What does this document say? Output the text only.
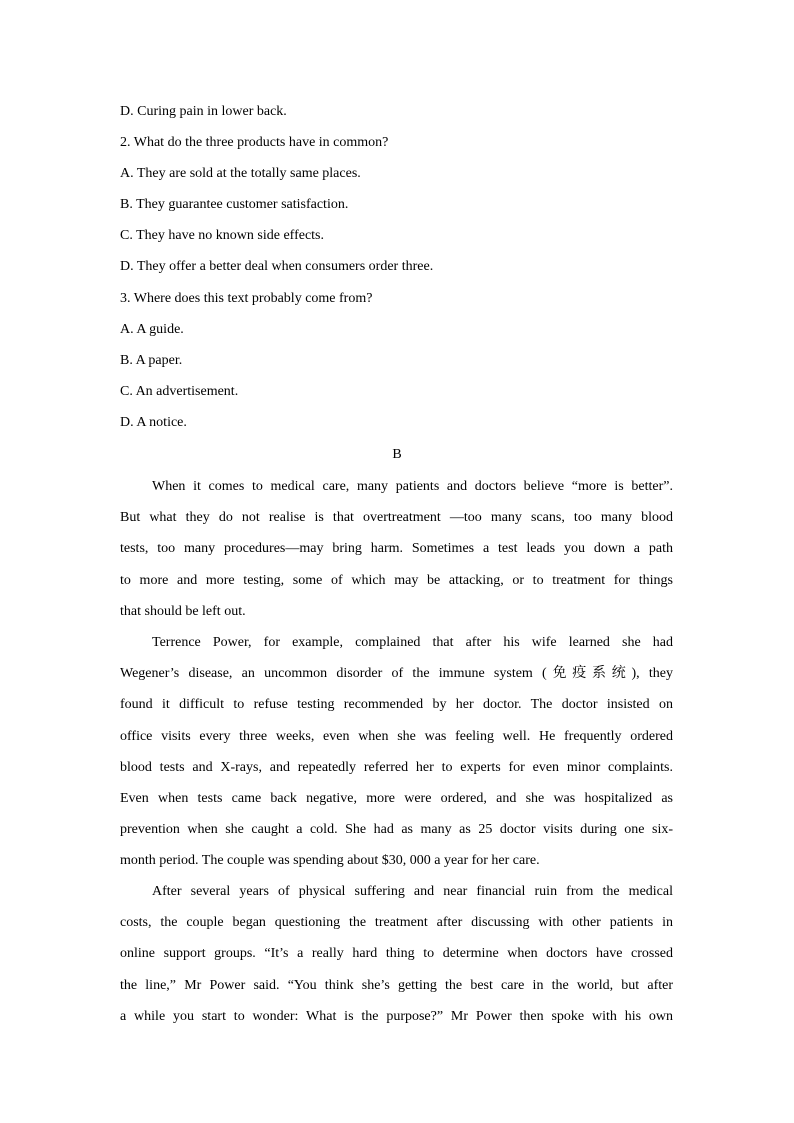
D. Curing pain in lower back.
2. What do the three products have in common?
A. They are sold at the totally same places.
B. They guarantee customer satisfaction.
C. They have no known side effects.
D. They offer a better deal when consumers order three.
3. Where does this text probably come from?
A. A guide.
B. A paper.
C. An advertisement.
D. A notice.
B
When it comes to medical care, many patients and doctors believe “more is better”.
But what they do not realise is that overtreatment —too many scans, too many blood
tests, too many procedures—may bring harm. Sometimes a test leads you down a path
to more and more testing, some of which may be attacking, or to treatment for things
that should be left out.
Terrence Power, for example, complained that after his wife learned she had
Wegener’s disease, an uncommon disorder of the immune system (免疫系统), they
found it difficult to refuse testing recommended by her doctor. The doctor insisted on
office visits every three weeks, even when she was feeling well. He frequently ordered
blood tests and X-rays, and repeatedly referred her to experts for even minor complaints.
Even when tests came back negative, more were ordered, and she was hospitalized as
prevention when she caught a cold. She had as many as 25 doctor visits during one six-
month period. The couple was spending about $30, 000 a year for her care.
After several years of physical suffering and near financial ruin from the medical
costs, the couple began questioning the treatment after discussing with other patients in
online support groups. “It’s a really hard thing to determine when doctors have crossed
the line,” Mr Power said. “You think she’s getting the best care in the world, but after
a while you start to wonder: What is the purpose?” Mr Power then spoke with his own
